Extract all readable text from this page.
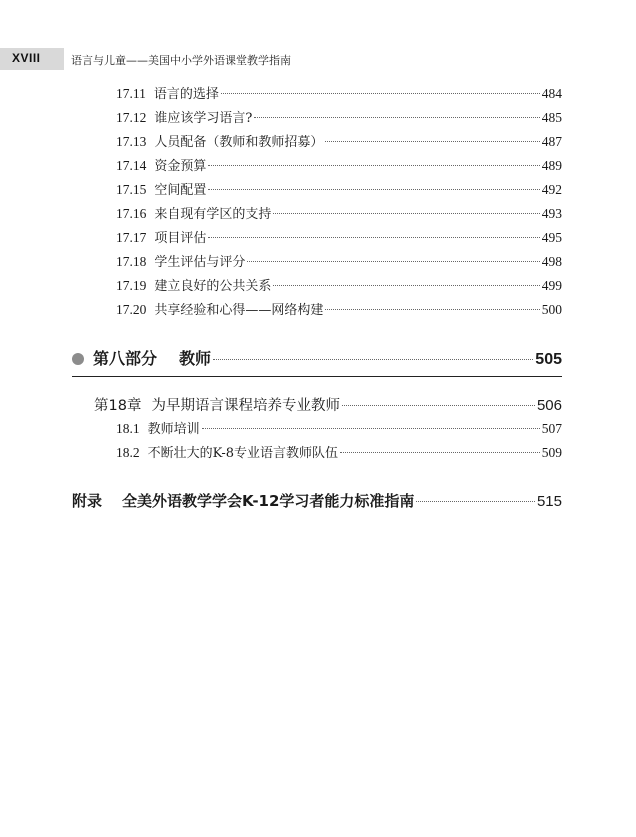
XVIII	语言与儿童——美国中小学外语课堂教学指南
17.11 语言的选择	484
17.12 谁应该学习语言?	485
17.13 人员配备（教师和教师招募）	487
17.14 资金预算	489
17.15 空间配置	492
17.16 来自现有学区的支持	493
17.17 项目评估	495
17.18 学生评估与评分	498
17.19 建立良好的公共关系	499
17.20 共享经验和心得——网络构建	500
第八部分 教师	505
第18章 为早期语言课程培养专业教师	506
18.1 教师培训	507
18.2 不断壮大的K-8专业语言教师队伍	509
附录 全美外语教学学会K-12学习者能力标准指南	515
